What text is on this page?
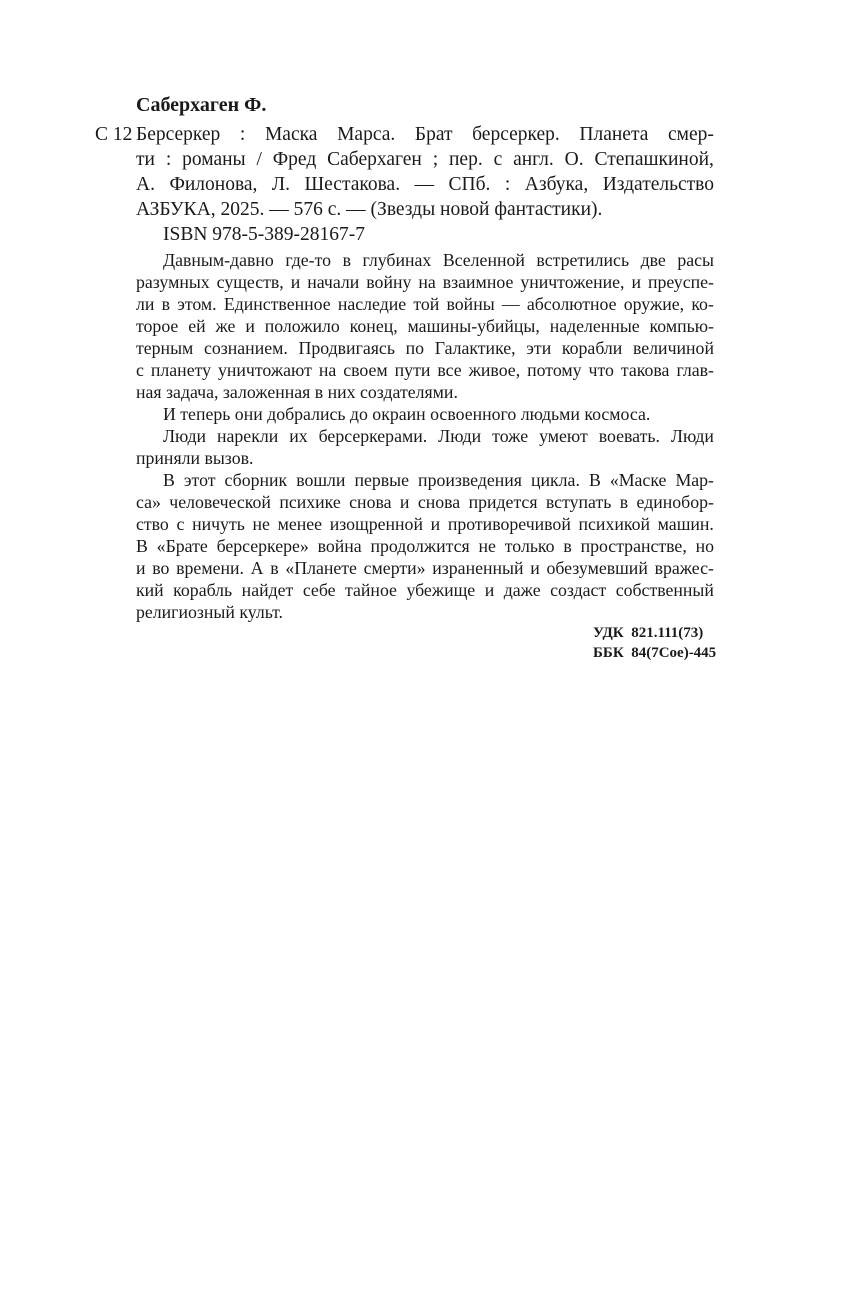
Саберхаген Ф.
С 12 Берсеркер : Маска Марса. Брат берсеркер. Планета смер-
ти : романы / Фред Саберхаген ; пер. с англ. О. Степашкиной,
А. Филонова, Л. Шестакова. — СПб. : Азбука, Издательство
АЗБУКА, 2025. — 576 с. — (Звезды новой фантастики).
ISBN 978-5-389-28167-7
Давным-давно где-то в глубинах Вселенной встретились две расы
разумных существ, и начали войну на взаимное уничтожение, и преуспе-
ли в этом. Единственное наследие той войны — абсолютное оружие, ко-
торое ей же и положило конец, машины-убийцы, наделенные компью-
терным сознанием. Продвигаясь по Галактике, эти корабли величиной
с планету уничтожают на своем пути все живое, потому что такова глав-
ная задача, заложенная в них создателями.
И теперь они добрались до окраин освоенного людьми космоса.
Люди нарекли их берсеркерами. Люди тоже умеют воевать. Люди
приняли вызов.
В этот сборник вошли первые произведения цикла. В «Маске Мар-
са» человеческой психике снова и снова придется вступать в единобор-
ство с ничуть не менее изощренной и противоречивой психикой машин.
В «Брате берсеркере» война продолжится не только в пространстве, но
и во времени. А в «Планете смерти» израненный и обезумевший вражес-
кий корабль найдет себе тайное убежище и даже создаст собственный
религиозный культ.
УДК  821.111(73)
ББК  84(7Сое)-445
